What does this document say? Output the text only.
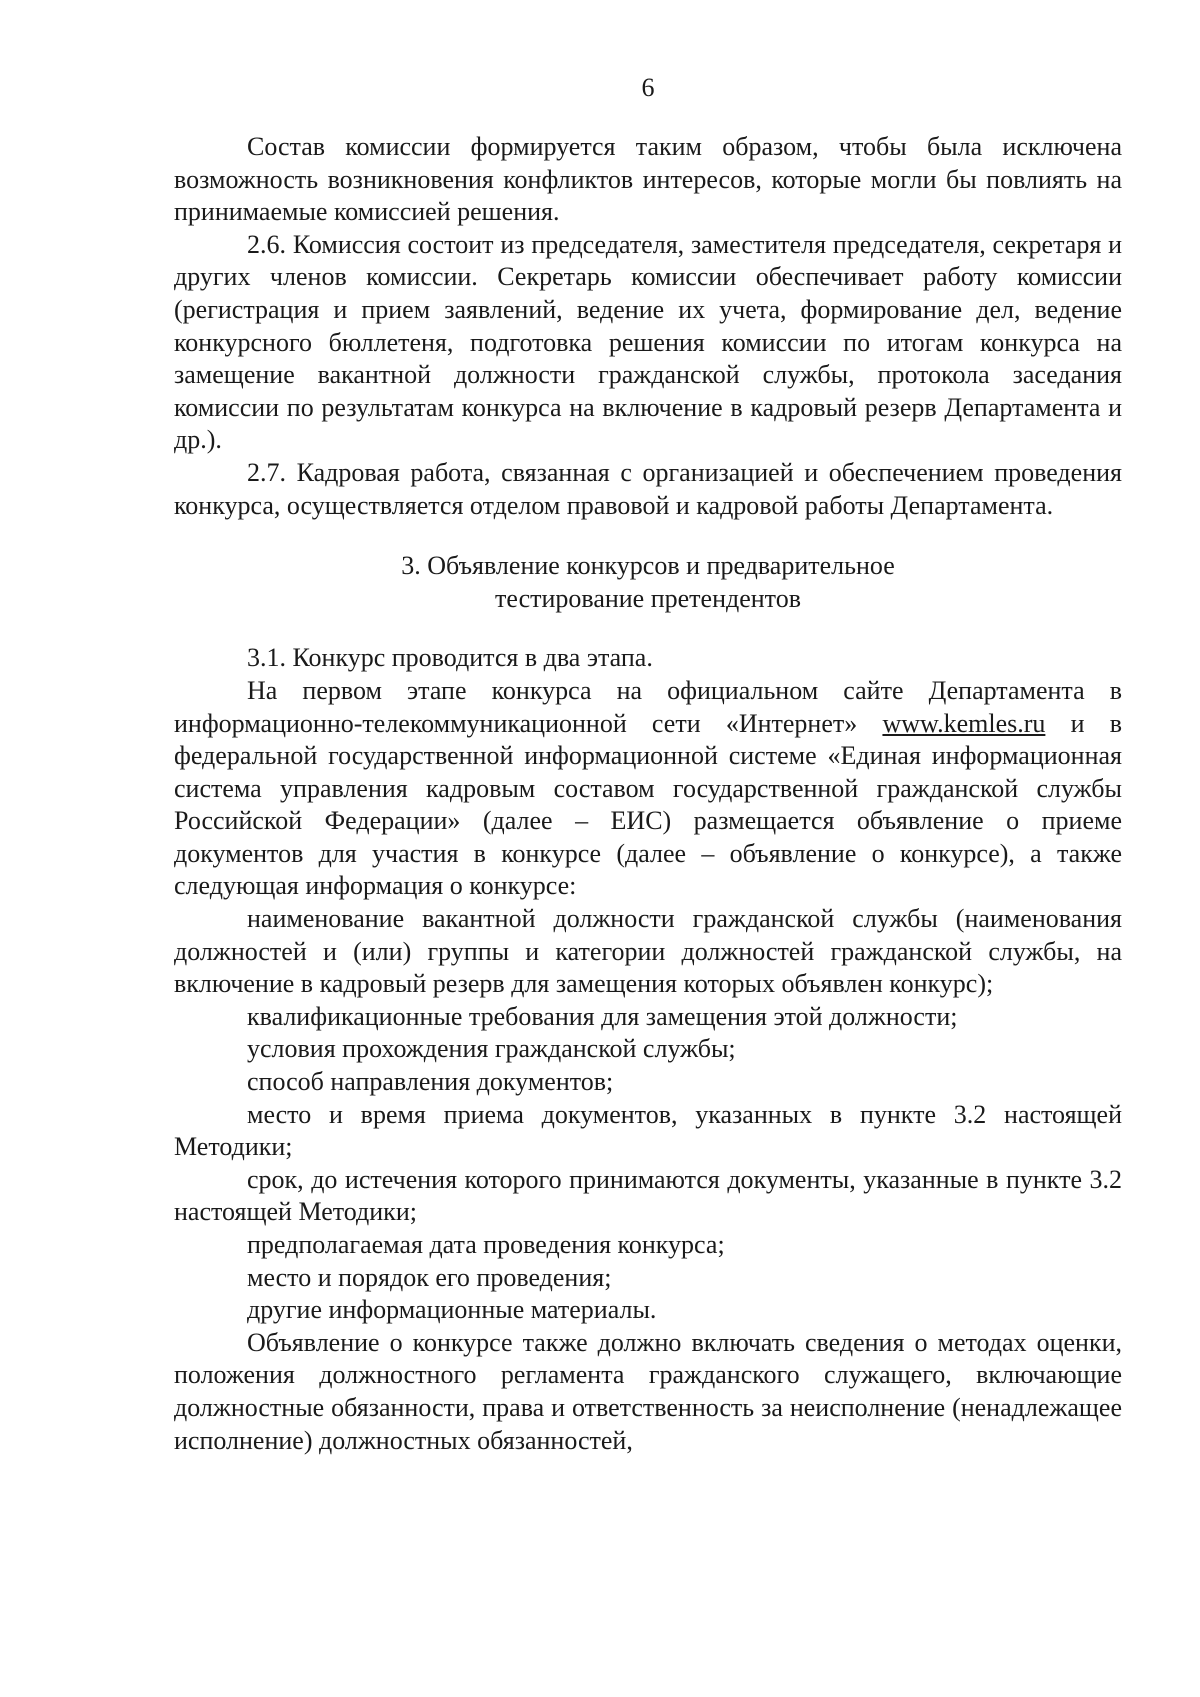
6

Состав комиссии формируется таким образом, чтобы была исключена возможность возникновения конфликтов интересов, которые могли бы повлиять на принимаемые комиссией решения.

2.6. Комиссия состоит из председателя, заместителя председателя, секретаря и других членов комиссии. Секретарь комиссии обеспечивает работу комиссии (регистрация и прием заявлений, ведение их учета, формирование дел, ведение конкурсного бюллетеня, подготовка решения комиссии по итогам конкурса на замещение вакантной должности гражданской службы, протокола заседания комиссии по результатам конкурса на включение в кадровый резерв Департамента и др.).

2.7. Кадровая работа, связанная с организацией и обеспечением проведения конкурса, осуществляется отделом правовой и кадровой работы Департамента.

3. Объявление конкурсов и предварительное
тестирование претендентов

3.1. Конкурс проводится в два этапа.

На первом этапе конкурса на официальном сайте Департамента в информационно-телекоммуникационной сети «Интернет» www.kemles.ru и в федеральной государственной информационной системе «Единая информационная система управления кадровым составом государственной гражданской службы Российской Федерации» (далее – ЕИС) размещается объявление о приеме документов для участия в конкурсе (далее – объявление о конкурсе), а также следующая информация о конкурсе:

наименование вакантной должности гражданской службы (наименования должностей и (или) группы и категории должностей гражданской службы, на включение в кадровый резерв для замещения которых объявлен конкурс);

квалификационные требования для замещения этой должности;

условия прохождения гражданской службы;

способ направления документов;

место и время приема документов, указанных в пункте 3.2 настоящей Методики;

срок, до истечения которого принимаются документы, указанные в пункте 3.2 настоящей Методики;

предполагаемая дата проведения конкурса;

место и порядок его проведения;

другие информационные материалы.

Объявление о конкурсе также должно включать сведения о методах оценки, положения должностного регламента гражданского служащего, включающие должностные обязанности, права и ответственность за неисполнение (ненадлежащее исполнение) должностных обязанностей,
